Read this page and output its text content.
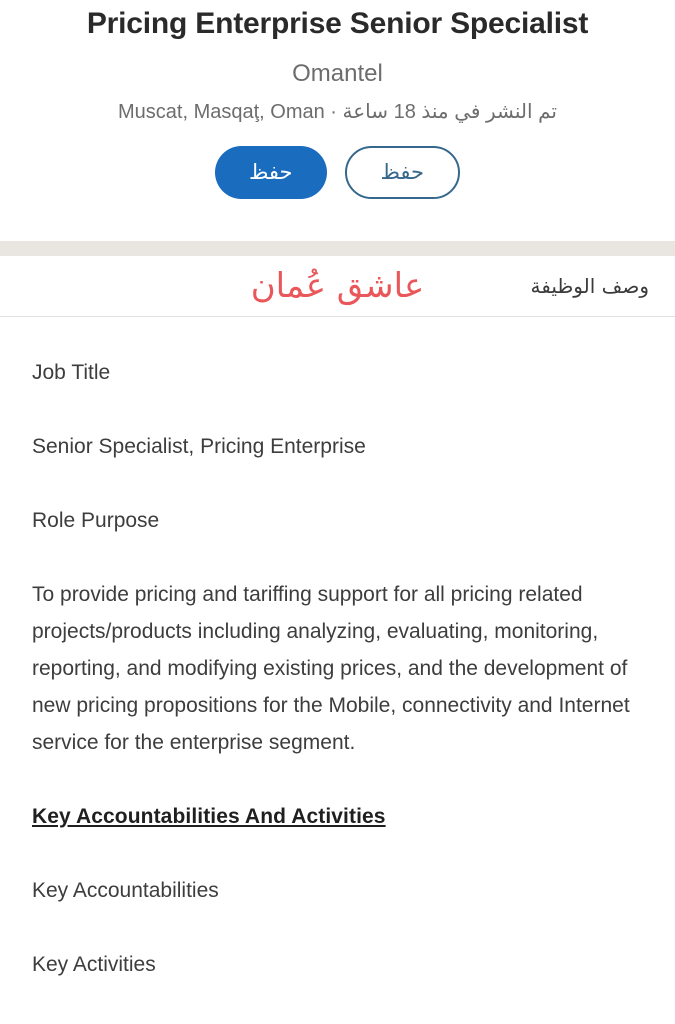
Pricing Enterprise Senior Specialist
Omantel
تم النشر في منذ 18 ساعة · Muscat, Masqaţ, Oman
حفظ	حفظ
عاشق عُمان	وصف الوظيفة

Job Title

Senior Specialist, Pricing Enterprise

Role Purpose

To provide pricing and tariffing support for all pricing related projects/products including analyzing, evaluating, monitoring, reporting, and modifying existing prices, and the development of new pricing propositions for the Mobile, connectivity and Internet service for the enterprise segment.

Key Accountabilities And Activities

Key Accountabilities

Key Activities
